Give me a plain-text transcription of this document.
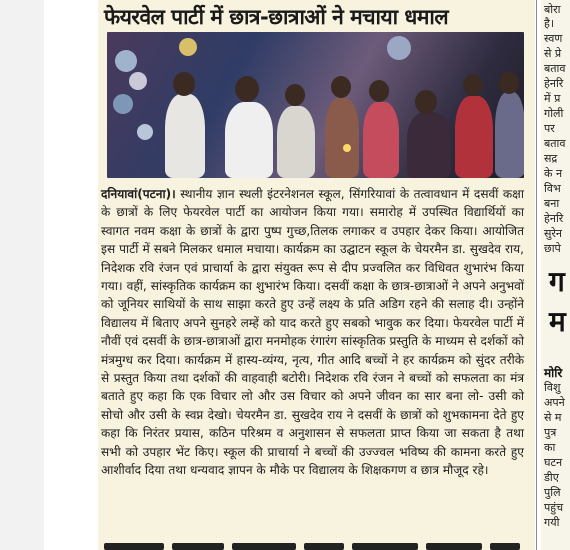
फेयरवेल पार्टी में छात्र-छात्राओं ने मचाया धमाल
दनियावां(पटना)। स्थानीय ज्ञान स्थली इंटरनेशनल स्कूल, सिंगरियावां के तत्वावधान में दसवीं कक्षा के छात्रों के लिए फेयरवेल पार्टी का आयोजन किया गया। समारोह में उपस्थित विद्यार्थियों का स्वागत नवम कक्षा के छात्रों के द्वारा पुष्प गुच्छ,तिलक लगाकर व उपहार देकर किया। आयोजित इस पार्टी में सबने मिलकर धमाल मचाया। कार्यक्रम का उद्घाटन स्कूल के चेयरमैन डा. सुखदेव राय, निदेशक रवि रंजन एवं प्राचार्या के द्वारा संयुक्त रूप से दीप प्रज्वलित कर विधिवत शुभारंभ किया गया। वहीं, सांस्कृतिक कार्यक्रम का शुभारंभ किया। दसवीं कक्षा के छात्र-छात्राओं ने अपने अनुभवों को जूनियर साथियों के साथ साझा करते हुए उन्हें लक्ष्य के प्रति अडिग रहने की सलाह दी। उन्होंने विद्यालय में बिताए अपने सुनहरे लम्हें को याद करते हुए सबको भावुक कर दिया। फेयरवेल पार्टी में नौवीं एवं दसवीं के छात्र-छात्राओं द्वारा मनमोहक रंगारंग सांस्कृतिक प्रस्तुति के माध्यम से दर्शकों को मंत्रमुग्ध कर दिया। कार्यक्रम में हास्य-व्यंग्य, नृत्य, गीत आदि बच्चों ने हर कार्यक्रम को सुंदर तरीके से प्रस्तुत किया तथा दर्शकों की वाहवाही बटोरी। निदेशक रवि रंजन ने बच्चों को सफलता का मंत्र बताते हुए कहा कि एक विचार लो और उस विचार को अपने जीवन का सार बना लो- उसी को सोचो और उसी के स्वप्न देखो। चेयरमैन डा. सुखदेव राय ने दसवीं के छात्रों को शुभकामना देते हुए कहा कि निरंतर प्रयास, कठिन परिश्रम व अनुशासन से सफलता प्राप्त किया जा सकता है तथा सभी को उपहार भेंट किए। स्कूल की प्राचार्या ने बच्चों की उज्ज्वल भविष्य की कामना करते हुए आशीर्वाद दिया तथा धन्यवाद ज्ञापन के मौके पर विद्यालय के शिक्षकगण व छात्र मौजूद रहे।
बोरा
है।
स्वण
से प्रे
बताव
हेनरि
में प्र
गोली
पर
बताव
सद्र
के न
विभ
बना
हेनरि
सुरेन
छापे
ग
म
मोरि
विशु
अपने
से म
पुत्र
का
घटन
डीए
पुलि
पहुंच
गयी
